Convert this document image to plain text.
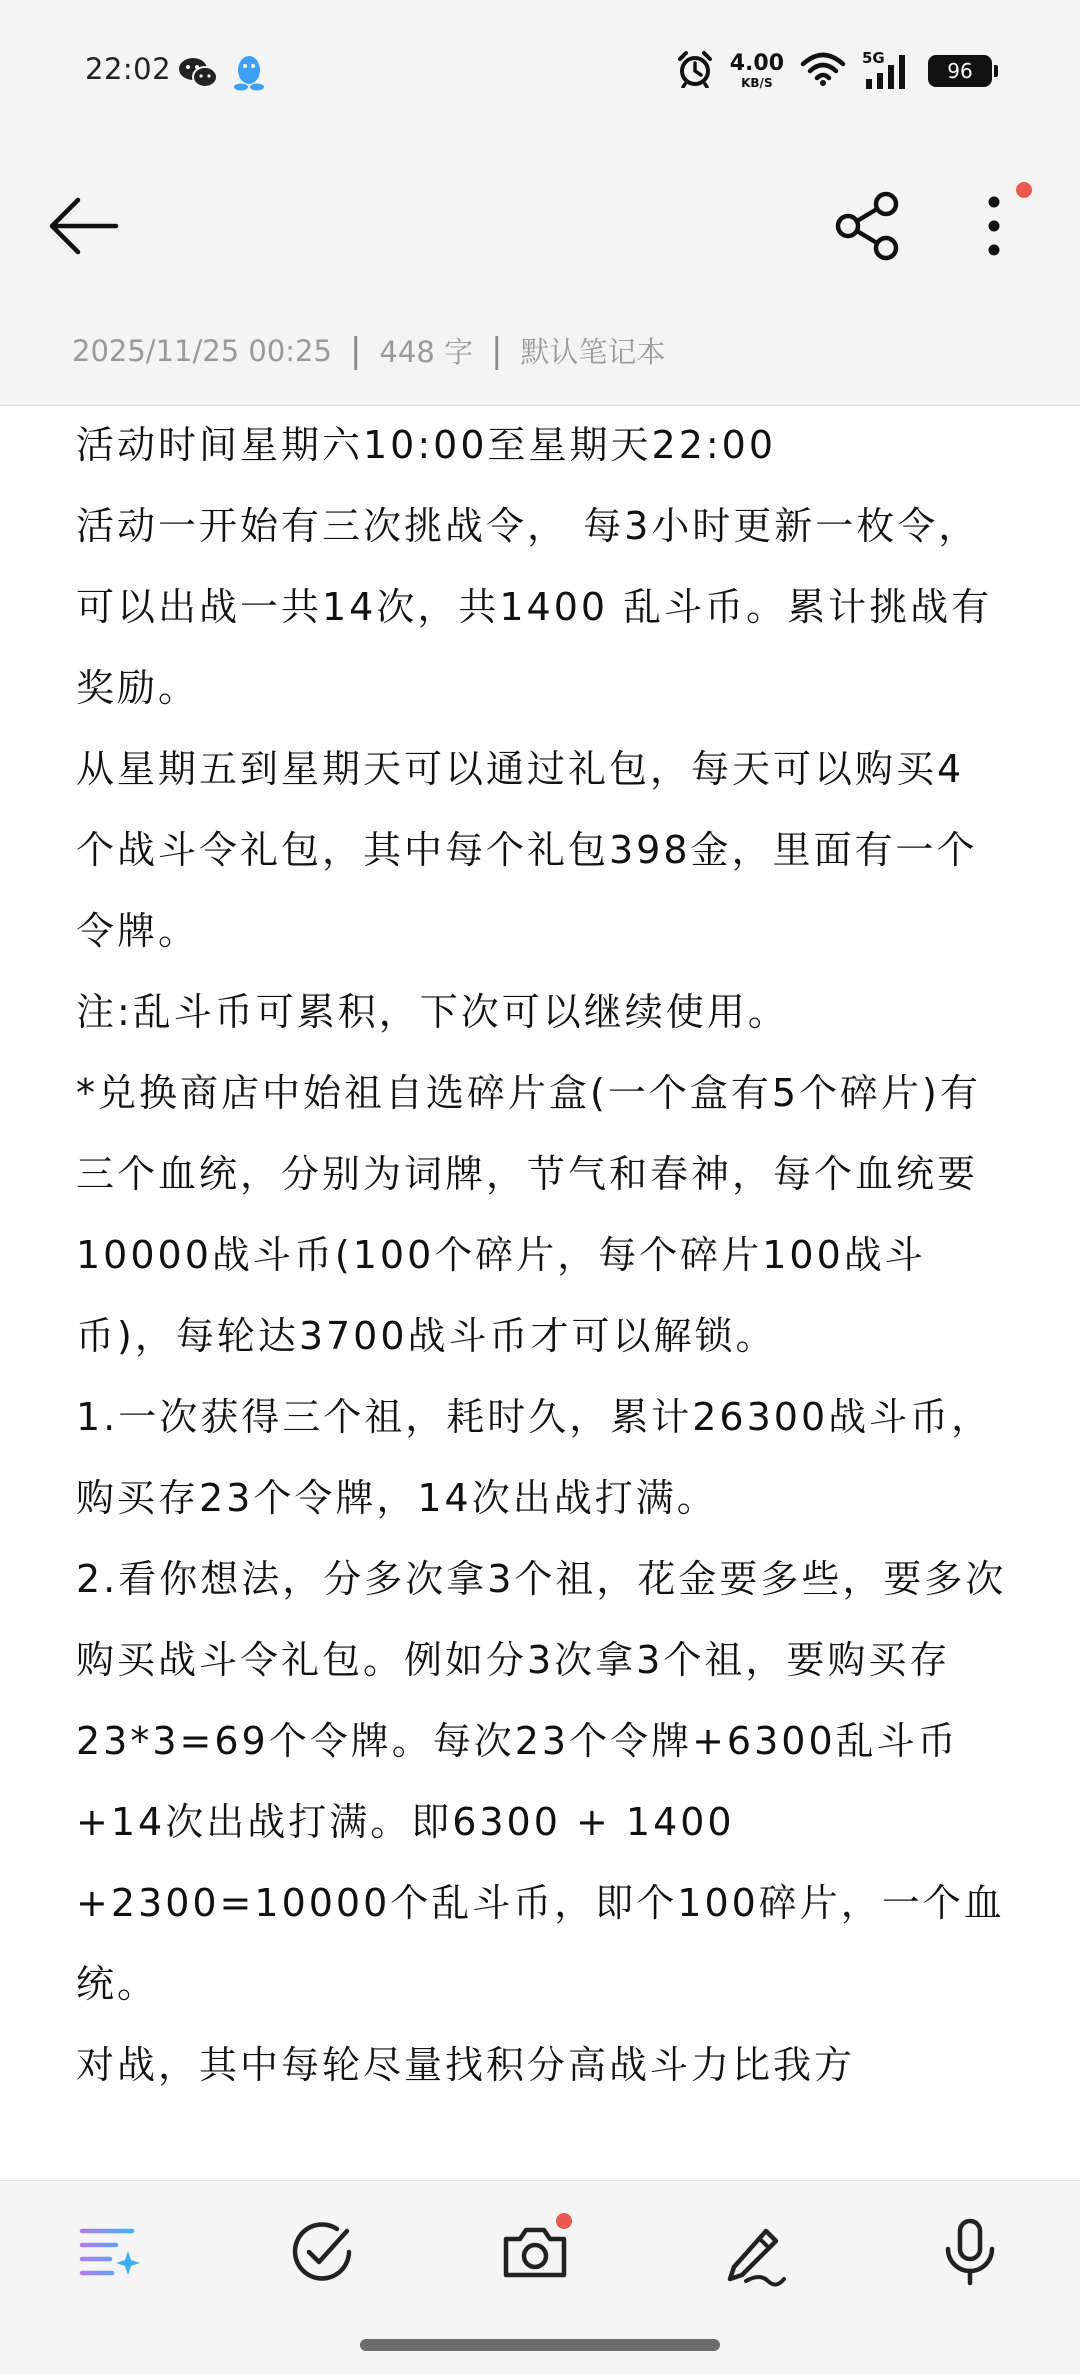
22:02	4.00
KB/S
5G
96
2025/11/25 00:25 | 448 字 | 默认笔记本

活动时间星期六10:00至星期天22:00

活动一开始有三次挑战令， 每3小时更新一枚令，可以出战一共14次，共1400 乱斗币。累计挑战有奖励。

从星期五到星期天可以通过礼包，每天可以购买4 个战斗令礼包，其中每个礼包398金，里面有一个令牌。

注:乱斗币可累积，下次可以继续使用。

*兑换商店中始祖自选碎片盒(一个盒有5个碎片)有三个血统，分别为词牌，节气和春神，每个血统要10000战斗币(100个碎片，每个碎片100战斗币)，每轮达3700战斗币才可以解锁。

1.一次获得三个祖，耗时久，累计26300战斗币，购买存23个令牌，14次出战打满。

2.看你想法，分多次拿3个祖，花金要多些，要多次购买战斗令礼包。例如分3次拿3个祖，要购买存23*3=69个令牌。每次23个令牌+6300乱斗币+14次出战打满。即6300 + 1400 +2300=10000个乱斗币，即个100碎片，一个血统。

对战，其中每轮尽量找积分高战斗力比我方
